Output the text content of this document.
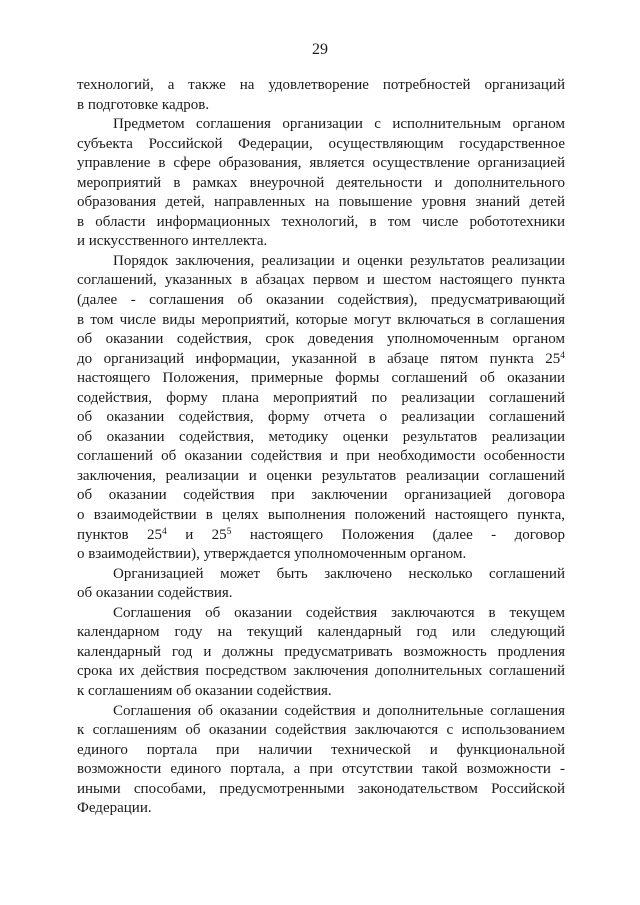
29
технологий, а также на удовлетворение потребностей организаций
в подготовке кадров.
Предметом соглашения организации с исполнительным органом
субъекта Российской Федерации, осуществляющим государственное
управление в сфере образования, является осуществление организацией
мероприятий в рамках внеурочной деятельности и дополнительного
образования детей, направленных на повышение уровня знаний детей
в области информационных технологий, в том числе робототехники
и искусственного интеллекта.
Порядок заключения, реализации и оценки результатов реализации
соглашений, указанных в абзацах первом и шестом настоящего пункта
(далее - соглашения об оказании содействия), предусматривающий
в том числе виды мероприятий, которые могут включаться в соглашения
об оказании содействия, срок доведения уполномоченным органом
до организаций информации, указанной в абзаце пятом пункта $25^4$
настоящего Положения, примерные формы соглашений об оказании
содействия, форму плана мероприятий по реализации соглашений
об оказании содействия, форму отчета о реализации соглашений
об оказании содействия, методику оценки результатов реализации
соглашений об оказании содействия и при необходимости особенности
заключения, реализации и оценки результатов реализации соглашений
об оказании содействия при заключении организацией договора
о взаимодействии в целях выполнения положений настоящего пункта,
пунктов $25^4$ и $25^5$ настоящего Положения (далее - договор
о взаимодействии), утверждается уполномоченным органом.
Организацией может быть заключено несколько соглашений
об оказании содействия.
Соглашения об оказании содействия заключаются в текущем
календарном году на текущий календарный год или следующий
календарный год и должны предусматривать возможность продления
срока их действия посредством заключения дополнительных соглашений
к соглашениям об оказании содействия.
Соглашения об оказании содействия и дополнительные соглашения
к соглашениям об оказании содействия заключаются с использованием
единого портала при наличии технической и функциональной
возможности единого портала, а при отсутствии такой возможности -
иными способами, предусмотренными законодательством Российской
Федерации.
